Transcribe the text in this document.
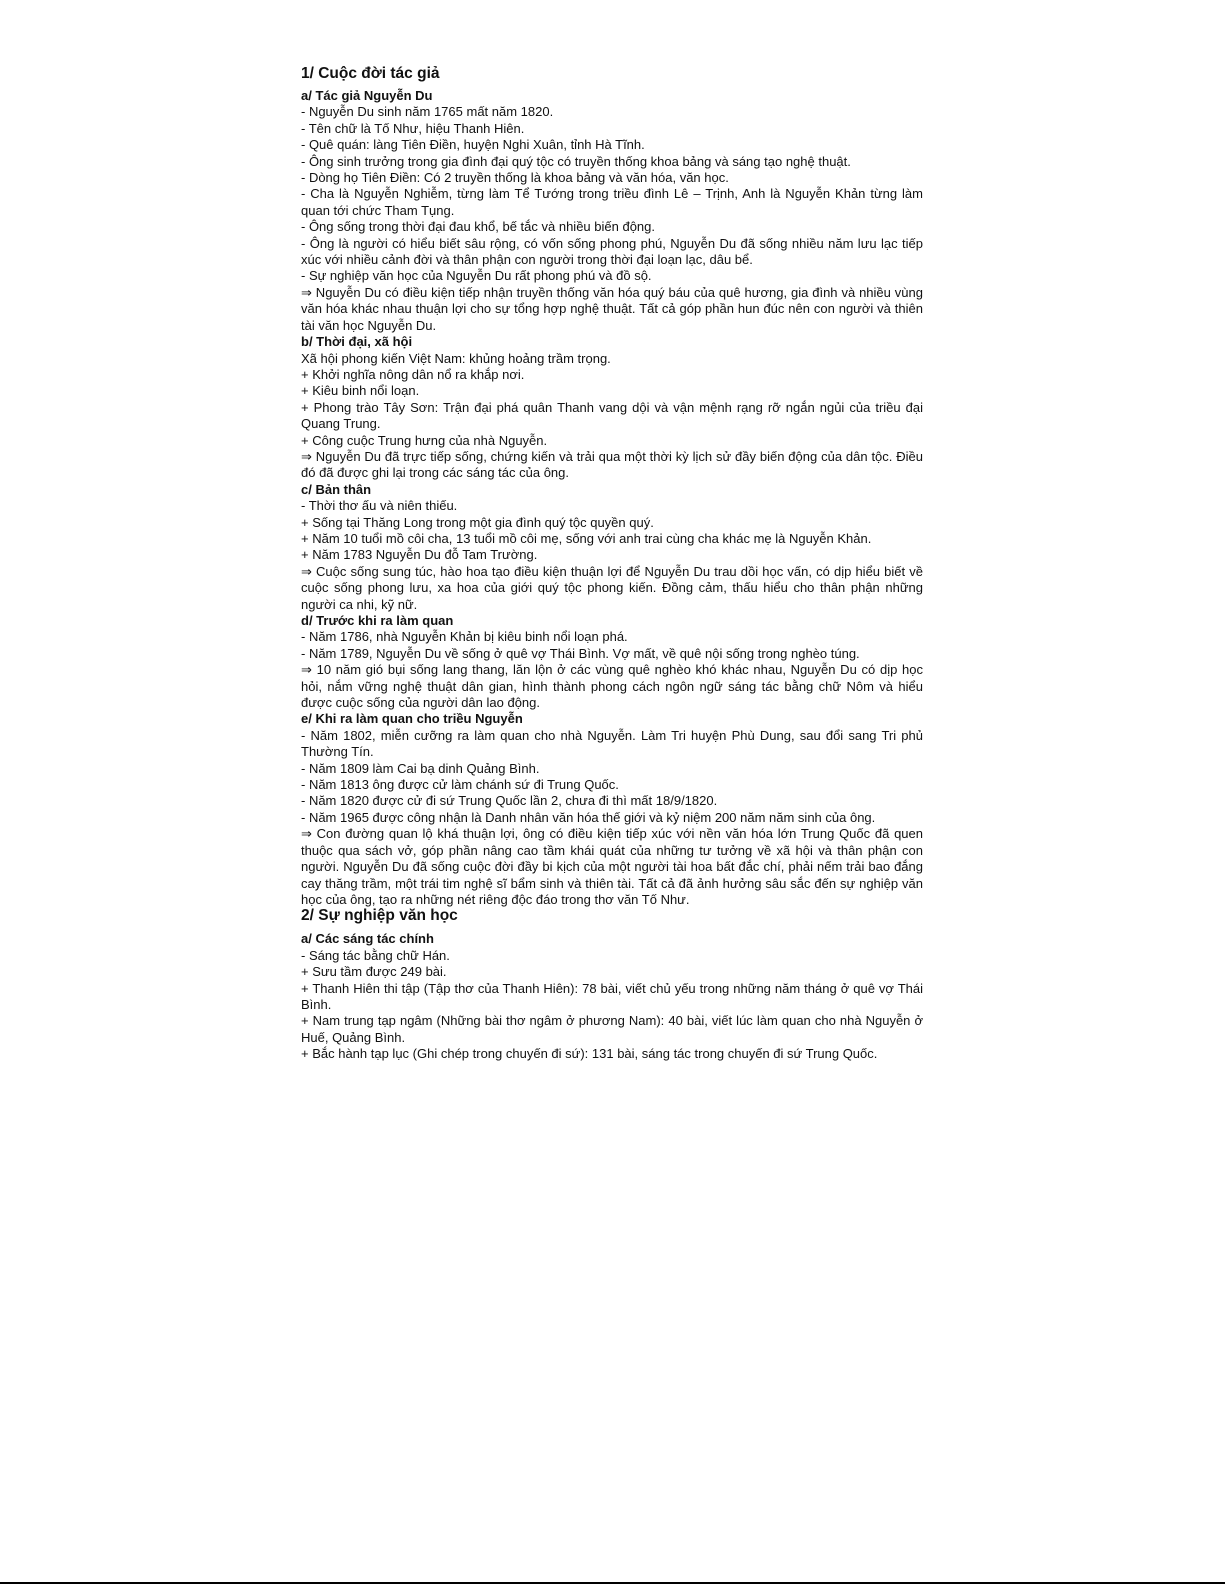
1/ Cuộc đời tác giả
a/ Tác giả Nguyễn Du

- Nguyễn Du sinh năm 1765 mất năm 1820.

- Tên chữ là Tố Như, hiệu Thanh Hiên.

- Quê quán: làng Tiên Điền, huyện Nghi Xuân, tỉnh Hà Tĩnh.

- Ông sinh trưởng trong gia đình đại quý tộc có truyền thống khoa bảng và sáng tạo nghệ thuật.

- Dòng họ Tiên Điền: Có 2 truyền thống là khoa bảng và văn hóa, văn học.

- Cha là Nguyễn Nghiễm, từng làm Tể Tướng trong triều đình Lê – Trịnh, Anh là Nguyễn Khản từng làm quan tới chức Tham Tụng.

- Ông sống trong thời đại đau khổ, bế tắc và nhiều biến động.

- Ông là người có hiểu biết sâu rộng, có vốn sống phong phú, Nguyễn Du đã sống nhiều năm lưu lạc tiếp xúc với nhiều cảnh đời và thân phận con người trong thời đại loạn lạc, dâu bể.

- Sự nghiệp văn học của Nguyễn Du rất phong phú và đồ sộ.

⇒ Nguyễn Du có điều kiện tiếp nhận truyền thống văn hóa quý báu của quê hương, gia đình và nhiều vùng văn hóa khác nhau thuận lợi cho sự tổng hợp nghệ thuật. Tất cả góp phần hun đúc nên con người và thiên tài văn học Nguyễn Du.

b/ Thời đại, xã hội

Xã hội phong kiến Việt Nam: khủng hoảng trầm trọng.

+ Khởi nghĩa nông dân nổ ra khắp nơi.

+ Kiêu binh nổi loạn.

+ Phong trào Tây Sơn: Trận đại phá quân Thanh vang dội và vận mệnh rạng rỡ ngắn ngủi của triều đại Quang Trung.

+ Công cuộc Trung hưng của nhà Nguyễn.

⇒ Nguyễn Du đã trực tiếp sống, chứng kiến và trải qua một thời kỳ lịch sử đầy biến động của dân tộc. Điều đó đã được ghi lại trong các sáng tác của ông.

c/ Bản thân

- Thời thơ ấu và niên thiếu.

+ Sống tại Thăng Long trong một gia đình quý tộc quyền quý.

+ Năm 10 tuổi mồ côi cha, 13 tuổi mồ côi mẹ, sống với anh trai cùng cha khác mẹ là Nguyễn Khản.

+ Năm 1783 Nguyễn Du đỗ Tam Trường.

⇒ Cuộc sống sung túc, hào hoa tạo điều kiện thuận lợi để Nguyễn Du trau dồi học vấn, có dịp hiểu biết về cuộc sống phong lưu, xa hoa của giới quý tộc phong kiến. Đồng cảm, thấu hiểu cho thân phận những người ca nhi, kỹ nữ.

d/ Trước khi ra làm quan

- Năm 1786, nhà Nguyễn Khản bị kiêu binh nổi loạn phá.

- Năm 1789, Nguyễn Du về sống ở quê vợ Thái Bình. Vợ mất, về quê nội sống trong nghèo túng.

⇒ 10 năm gió bụi sống lang thang, lăn lộn ở các vùng quê nghèo khó khác nhau, Nguyễn Du có dịp học hỏi, nắm vững nghệ thuật dân gian, hình thành phong cách ngôn ngữ sáng tác bằng chữ Nôm và hiểu được cuộc sống của người dân lao động.

e/ Khi ra làm quan cho triều Nguyễn

- Năm 1802, miễn cưỡng ra làm quan cho nhà Nguyễn. Làm Tri huyện Phù Dung, sau đổi sang Tri phủ Thường Tín.

- Năm 1809 làm Cai bạ dinh Quảng Bình.

- Năm 1813 ông được cử làm chánh sứ đi Trung Quốc.

- Năm 1820 được cử đi sứ Trung Quốc lần 2, chưa đi thì mất 18/9/1820.

- Năm 1965 được công nhận là Danh nhân văn hóa thế giới và kỷ niệm 200 năm năm sinh của ông.

⇒ Con đường quan lộ khá thuận lợi, ông có điều kiện tiếp xúc với nền văn hóa lớn Trung Quốc đã quen thuộc qua sách vở, góp phần nâng cao tầm khái quát của những tư tưởng về xã hội và thân phận con người. Nguyễn Du đã sống cuộc đời đầy bi kịch của một người tài hoa bất đắc chí, phải nếm trải bao đắng cay thăng trầm, một trái tim nghệ sĩ bẩm sinh và thiên tài. Tất cả đã ảnh hưởng sâu sắc đến sự nghiệp văn học của ông, tạo ra những nét riêng độc đáo trong thơ văn Tố Như.

2/ Sự nghiệp văn học
a/ Các sáng tác chính

- Sáng tác bằng chữ Hán.

+ Sưu tầm được 249 bài.

+ Thanh Hiên thi tập (Tập thơ của Thanh Hiên): 78 bài, viết chủ yếu trong những năm tháng ở quê vợ Thái Bình.

+ Nam trung tạp ngâm (Những bài thơ ngâm ở phương Nam): 40 bài, viết lúc làm quan cho nhà Nguyễn ở Huế, Quảng Bình.

+ Bắc hành tạp lục (Ghi chép trong chuyến đi sứ): 131 bài, sáng tác trong chuyến đi sứ Trung Quốc.
